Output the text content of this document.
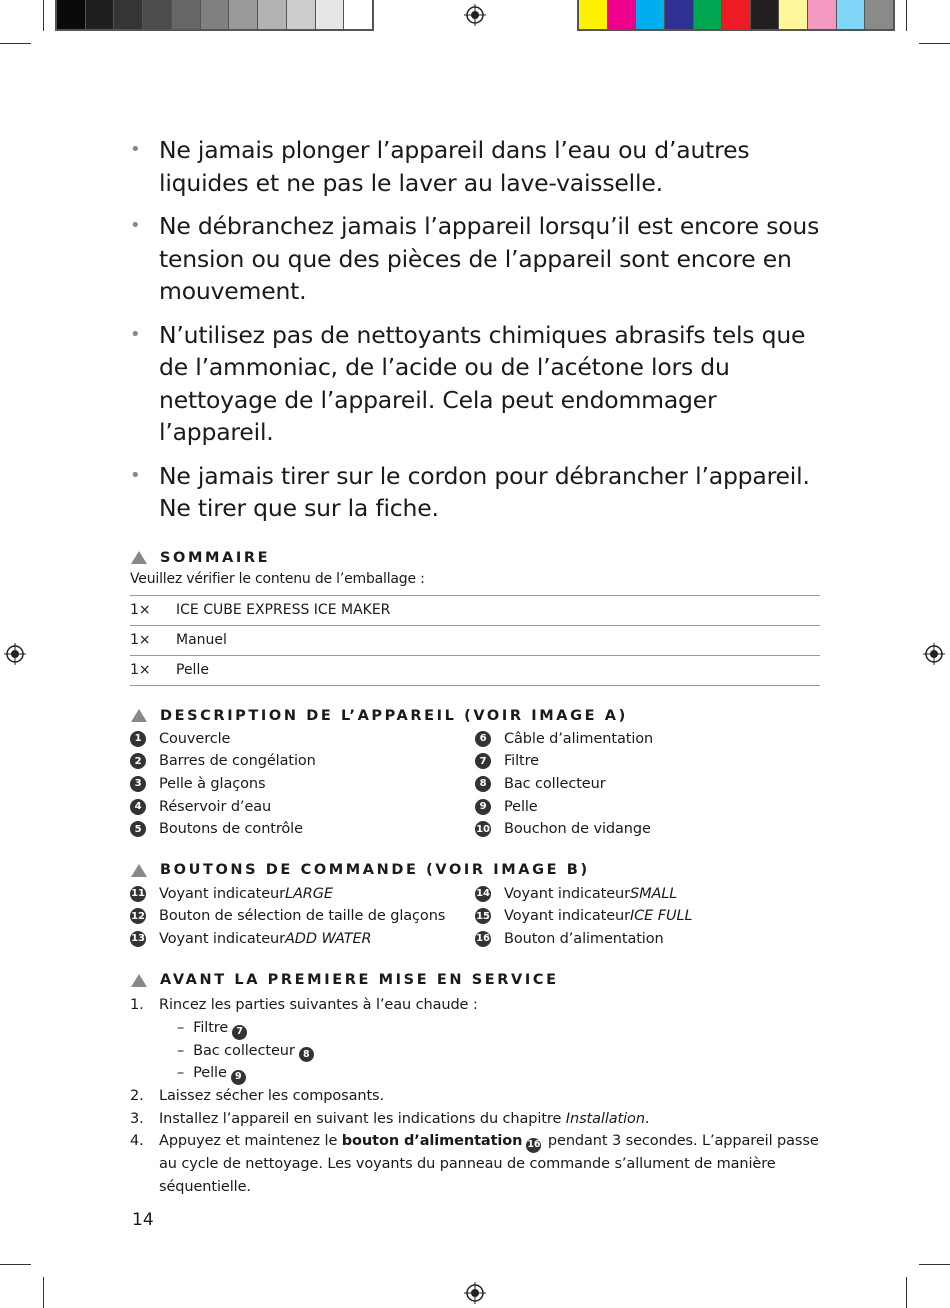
• Ne jamais plonger l’appareil dans l’eau ou d’autres liquides et ne pas le laver au lave-vaisselle.
• Ne débranchez jamais l’appareil lorsqu’il est encore sous tension ou que des pièces de l’appareil sont encore en mouvement.
• N’utilisez pas de nettoyants chimiques abrasifs tels que de l’ammoniac, de l’acide ou de l’acétone lors du nettoyage de l’appareil. Cela peut endommager l’appareil.
• Ne jamais tirer sur le cordon pour débrancher l’appareil. Ne tirer que sur la fiche.
SOMMAIRE
Veuillez vérifier le contenu de l’emballage :
1×	ICE CUBE EXPRESS ICE MAKER
1×	Manuel
1×	Pelle
DESCRIPTION DE L’APPAREIL (VOIR IMAGE A)
1	Couvercle
2	Barres de congélation
3	Pelle à glaçons
4	Réservoir d’eau
5	Boutons de contrôle
6	Câble d’alimentation
7	Filtre
8	Bac collecteur
9	Pelle
10 Bouchon de vidange
BOUTONS DE COMMANDE (VOIR IMAGE B)
11 Voyant indicateur LARGE
12 Bouton de sélection de taille de glaçons
13 Voyant indicateur ADD WATER
14 Voyant indicateur SMALL
15 Voyant indicateur ICE FULL
16 Bouton d’alimentation
AVANT LA PREMIERE MISE EN SERVICE
1. Rincez les parties suivantes à l’eau chaude :
–  Filtre 7
–  Bac collecteur 8
–  Pelle 9
2. Laissez sécher les composants.
3. Installez l’appareil en suivant les indications du chapitre Installation.
4. Appuyez et maintenez le bouton d’alimentation 16 pendant 3 secondes. L’appareil passe au cycle de nettoyage. Les voyants du panneau de commande s’allument de manière séquentielle.
14
